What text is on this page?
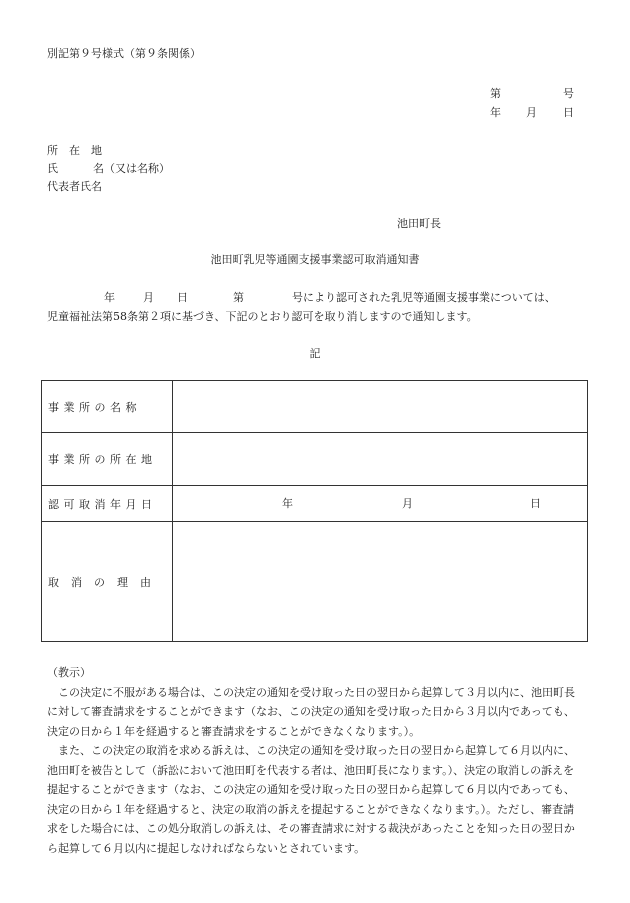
別記第９号様式（第９条関係）
第	号
年 月 日
所　在　地
氏	名（又は名称）
代表者氏名
池田町長
池田町乳児等通園支援事業認可取消通知書
年	月 日	第	号により認可された乳児等通園支援事業については、
児童福祉法第58条第２項に基づき、下記のとおり認可を取り消しますので通知します。
記
事 業 所 の 名 称	
事 業 所 の 所 在 地	
認 可 取 消 年 月 日	年 月 日

取　消　の　理　由	

（教示）

この決定に不服がある場合は、この決定の通知を受け取った日の翌日から起算して３月以内に、池田町長に対して審査請求をすることができます（なお、この決定の通知を受け取った日から３月以内であっても、決定の日から１年を経過すると審査請求をすることができなくなります。）。

また、この決定の取消を求める訴えは、この決定の通知を受け取った日の翌日から起算して６月以内に、池田町を被告として（訴訟において池田町を代表する者は、池田町長になります。）、決定の取消しの訴えを提起することができます（なお、この決定の通知を受け取った日の翌日から起算して６月以内であっても、決定の日から１年を経過すると、決定の取消の訴えを提起することができなくなります。）。ただし、審査請求をした場合には、この処分取消しの訴えは、その審査請求に対する裁決があったことを知った日の翌日から起算して６月以内に提起しなければならないとされています。
